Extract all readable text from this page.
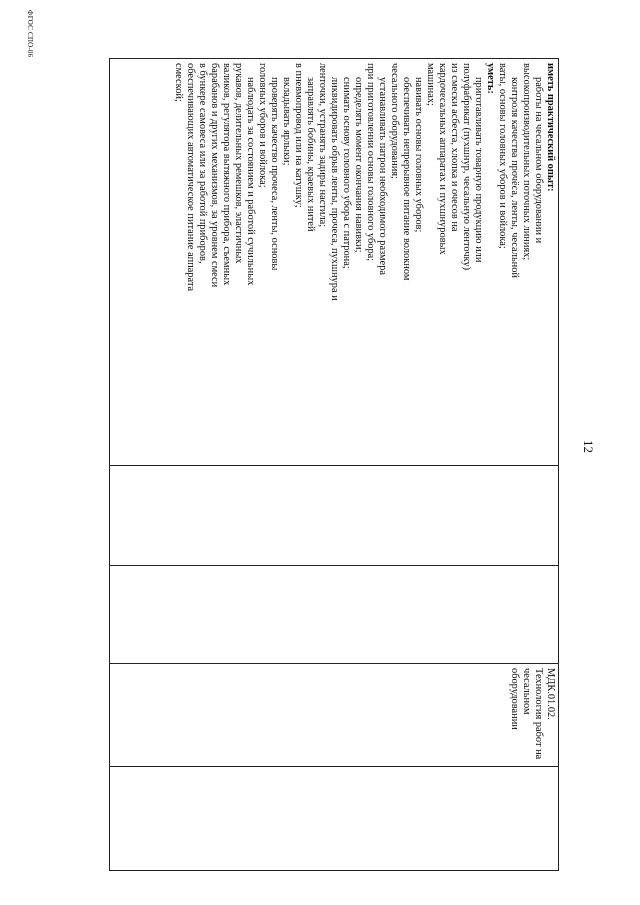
12
иметь практический опыт:
работы на чесальном оборудовании и
высокопроизводительных поточных линиях;
контроля качества прочёса, ленты, чесальной
ваты, основы головных уборов и войлока;
уметь:
приготавливать товарную продукцию или
полуфабрикат (пухшнур, чесальную ленточку)
из смески асбеста, хлопка и очесов на
кардочесальных аппаратах и пухшнуровых
машинах;
навивать основы головных уборов;
обеспечивать непрерывное питание волокном
чесального оборудования;
устанавливать патрон необходимого размера
при приготовлении основы головного убора;
определять момент окончания навивки;
снимать основу головного убора с патрона;
ликвидировать обрыв ленты, прочеса, пухшнура и
ленточки, устранять задиры настила;
заправлять бобины, краевых нитей
в пневмопровод или на катушку;
вкладывать ярлыки;
проверять качество прочеса, ленты, основы
головных уборов и войлока;
наблюдать за состоянием и работой сучильных
рукавов, делительных ремешков, эластичных
валиков, регулятора вытяжного прибора, съемных
барабанов и других механизмов, за уровнем смеси
в бункере самовеса или за работой приборов,
обеспечивающих автоматическое питание аппарата
смеской;
			МДК.01.02. Технология работ на чесальном оборудовании	
ФГОС СПО-06
